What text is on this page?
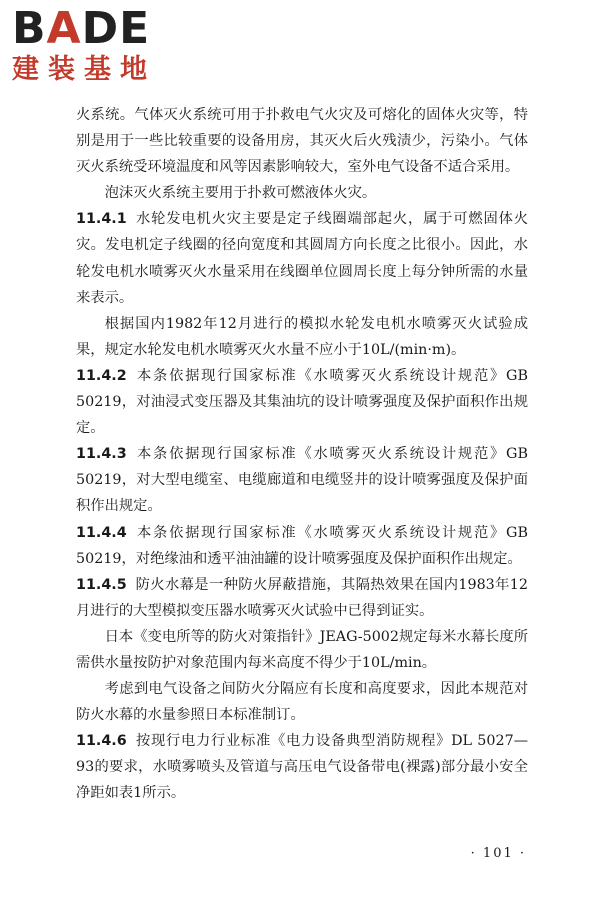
BADE
建装基地

火系统。气体灭火系统可用于扑救电气火灾及可熔化的固体火灾等，特别是用于一些比较重要的设备用房，其灭火后火残渍少，污染小。气体灭火系统受环境温度和风等因素影响较大，室外电气设备不适合采用。

泡沫灭火系统主要用于扑救可燃液体火灾。

11.4.1 水轮发电机火灾主要是定子线圈端部起火，属于可燃固体火灾。发电机定子线圈的径向宽度和其圆周方向长度之比很小。因此，水轮发电机水喷雾灭火水量采用在线圈单位圆周长度上每分钟所需的水量来表示。

根据国内1982年12月进行的模拟水轮发电机水喷雾灭火试验成果，规定水轮发电机水喷雾灭火水量不应小于10L/(min·m)。

11.4.2 本条依据现行国家标准《水喷雾灭火系统设计规范》GB 50219，对油浸式变压器及其集油坑的设计喷雾强度及保护面积作出规定。

11.4.3 本条依据现行国家标准《水喷雾灭火系统设计规范》GB 50219，对大型电缆室、电缆廊道和电缆竖井的设计喷雾强度及保护面积作出规定。

11.4.4 本条依据现行国家标准《水喷雾灭火系统设计规范》GB 50219，对绝缘油和透平油油罐的设计喷雾强度及保护面积作出规定。

11.4.5 防火水幕是一种防火屏蔽措施，其隔热效果在国内1983年12月进行的大型模拟变压器水喷雾灭火试验中已得到证实。

日本《变电所等的防火对策指针》JEAG-5002规定每米水幕长度所需供水量按防护对象范围内每米高度不得少于10L/min。

考虑到电气设备之间防火分隔应有长度和高度要求，因此本规范对防火水幕的水量参照日本标准制订。

11.4.6 按现行电力行业标准《电力设备典型消防规程》DL 5027—93的要求，水喷雾喷头及管道与高压电气设备带电(裸露)部分最小安全净距如表1所示。

· 101 ·
